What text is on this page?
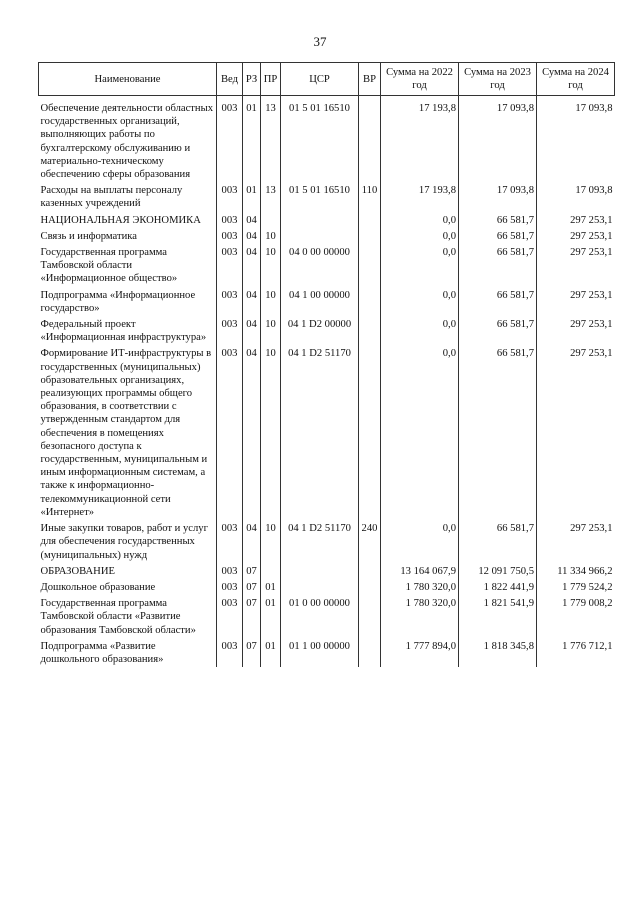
37
Наименование	Вед	РЗ	ПР	ЦСР	ВР	Сумма на 2022 год	Сумма на 2023 год	Сумма на 2024 год

Обеспечение деятельности областных государственных организаций, выполняющих работы по бухгалтерскому обслуживанию и материально-техническому обеспечению сферы образования	003	01	13	01 5 01 16510		17 193,8	17 093,8	17 093,8
Расходы на выплаты персоналу казенных учреждений	003	01	13	01 5 01 16510	110	17 193,8	17 093,8	17 093,8
НАЦИОНАЛЬНАЯ ЭКОНОМИКА	003	04				0,0	66 581,7	297 253,1
Связь и информатика	003	04	10			0,0	66 581,7	297 253,1
Государственная программа Тамбовской области «Информационное общество»	003	04	10	04 0 00 00000		0,0	66 581,7	297 253,1
Подпрограмма «Информационное государство»	003	04	10	04 1 00 00000		0,0	66 581,7	297 253,1
Федеральный проект «Информационная инфраструктура»	003	04	10	04 1 D2 00000		0,0	66 581,7	297 253,1
Формирование ИТ-инфраструктуры в государственных (муниципальных) образовательных организациях, реализующих программы общего образования, в соответствии с утвержденным стандартом для обеспечения в помещениях безопасного доступа к государственным, муниципальным и иным информационным системам, а также к информационно-телекоммуникационной сети «Интернет»	003	04	10	04 1 D2 51170		0,0	66 581,7	297 253,1
Иные закупки товаров, работ и услуг для обеспечения государственных (муниципальных) нужд	003	04	10	04 1 D2 51170	240	0,0	66 581,7	297 253,1
ОБРАЗОВАНИЕ	003	07				13 164 067,9	12 091 750,5	11 334 966,2
Дошкольное образование	003	07	01			1 780 320,0	1 822 441,9	1 779 524,2
Государственная программа Тамбовской области «Развитие образования Тамбовской области»	003	07	01	01 0 00 00000		1 780 320,0	1 821 541,9	1 779 008,2
Подпрограмма «Развитие дошкольного образования»	003	07	01	01 1 00 00000		1 777 894,0	1 818 345,8	1 776 712,1
